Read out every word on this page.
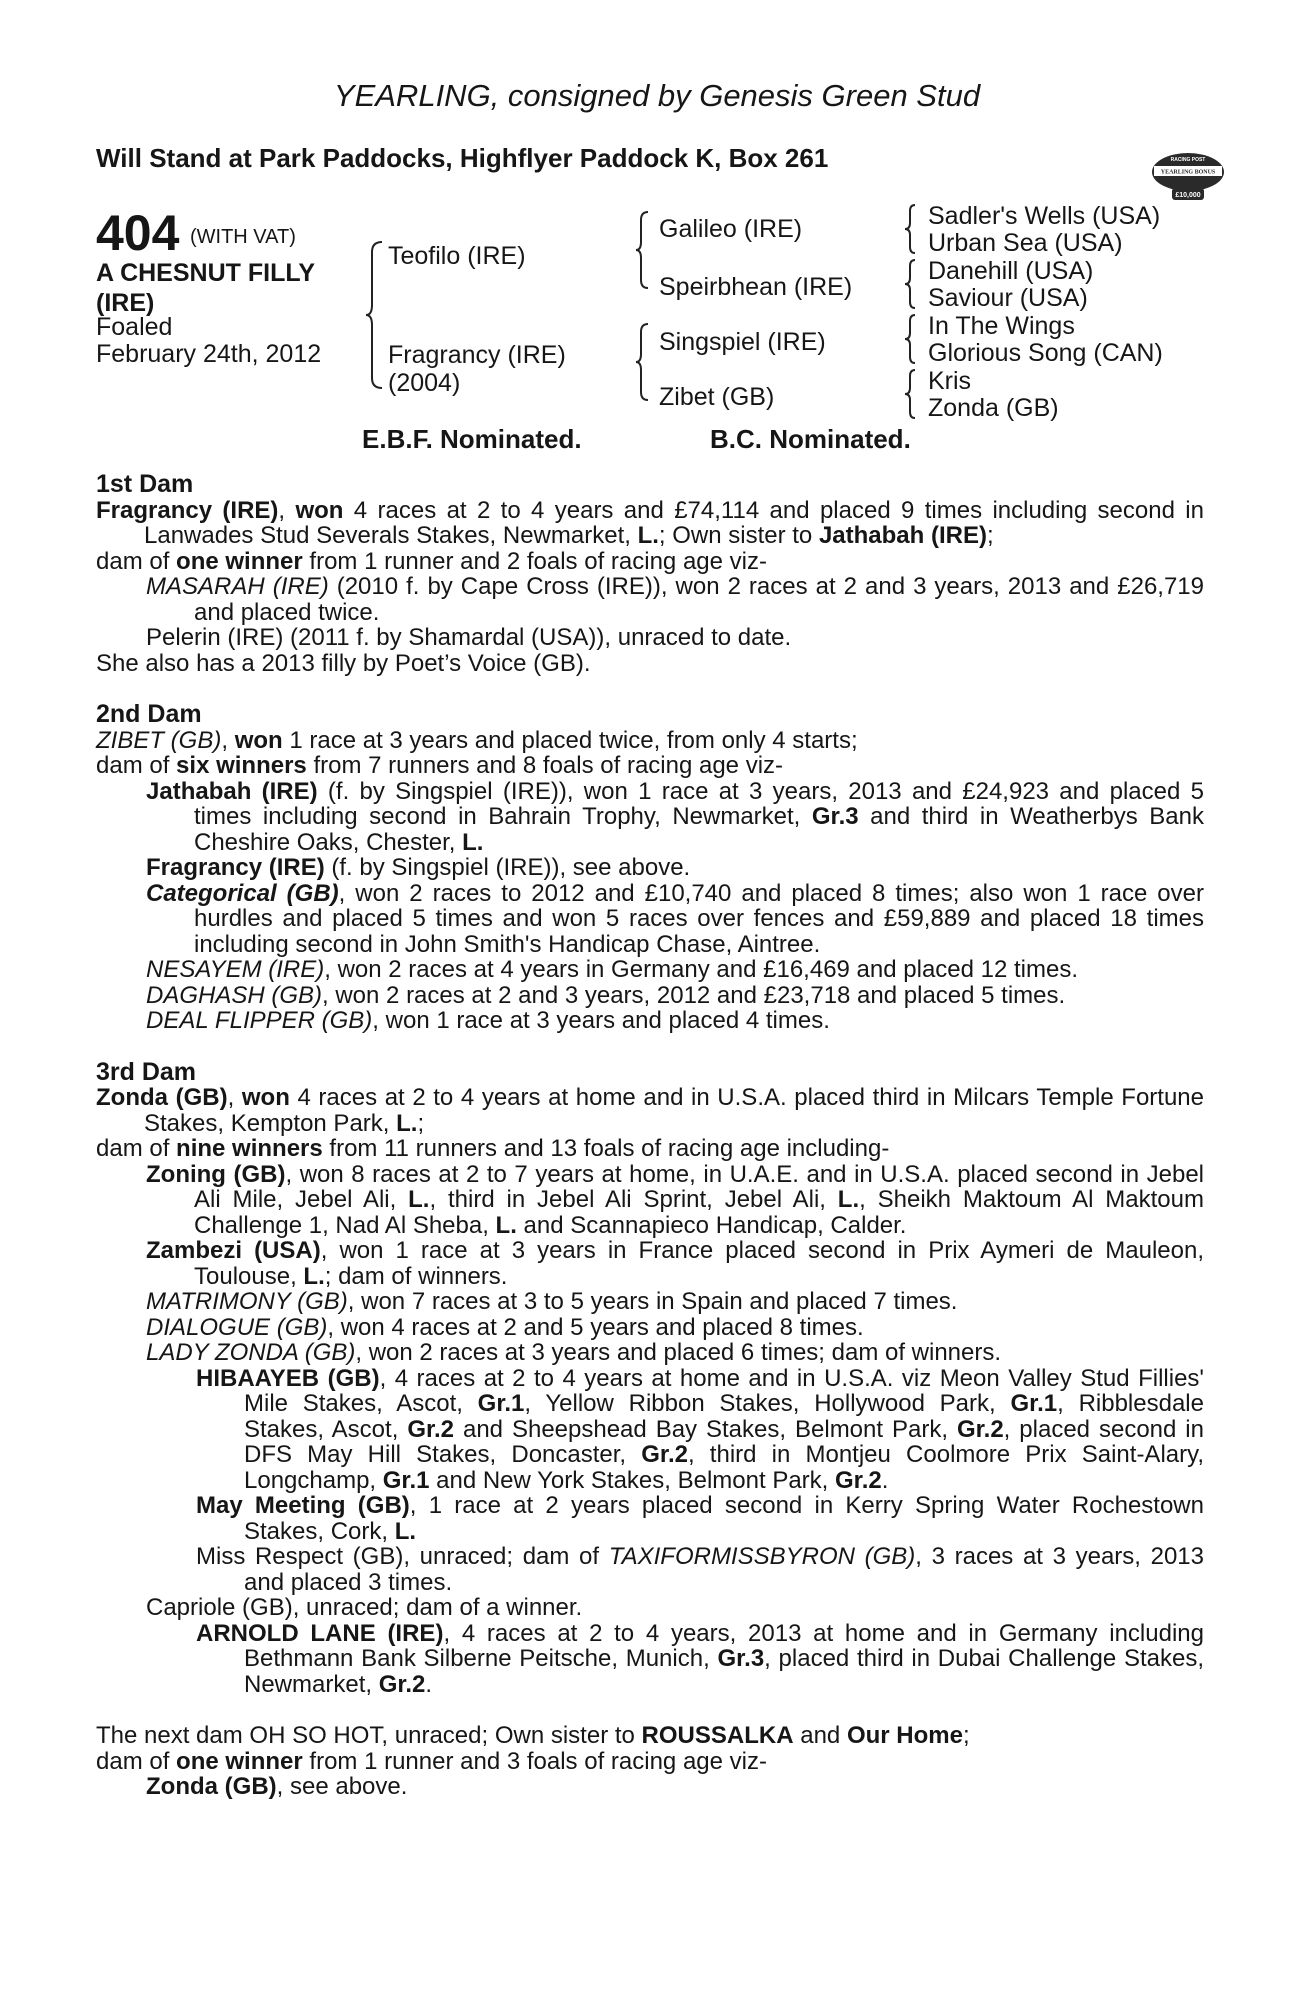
YEARLING, consigned by Genesis Green Stud
Will Stand at Park Paddocks, Highflyer Paddock K, Box 261	RACING POST
YEARLING BONUS
£10,000
404 (WITH VAT)
A CHESNUT FILLY (IRE)
Foaled
February 24th, 2012
Teofilo (IRE)
Fragrancy (IRE)
(2004)
Galileo (IRE)
Speirbhean (IRE)
Singspiel (IRE)
Zibet (GB)
Sadler's Wells (USA)
Urban Sea (USA)
Danehill (USA)
Saviour (USA)
In The Wings
Glorious Song (CAN)
Kris
Zonda (GB)
E.B.F. Nominated.	B.C. Nominated.
1st Dam

Fragrancy (IRE), won 4 races at 2 to 4 years and £74,114 and placed 9 times including second in Lanwades Stud Severals Stakes, Newmarket, L.; Own sister to Jathabah (IRE);

dam of one winner from 1 runner and 2 foals of racing age viz-

MASARAH (IRE) (2010 f. by Cape Cross (IRE)), won 2 races at 2 and 3 years, 2013 and £26,719 and placed twice.

Pelerin (IRE) (2011 f. by Shamardal (USA)), unraced to date.

She also has a 2013 filly by Poet’s Voice (GB).

2nd Dam

ZIBET (GB), won 1 race at 3 years and placed twice, from only 4 starts;

dam of six winners from 7 runners and 8 foals of racing age viz-

Jathabah (IRE) (f. by Singspiel (IRE)), won 1 race at 3 years, 2013 and £24,923 and placed 5 times including second in Bahrain Trophy, Newmarket, Gr.3 and third in Weatherbys Bank Cheshire Oaks, Chester, L.

Fragrancy (IRE) (f. by Singspiel (IRE)), see above.

Categorical (GB), won 2 races to 2012 and £10,740 and placed 8 times; also won 1 race over hurdles and placed 5 times and won 5 races over fences and £59,889 and placed 18 times including second in John Smith's Handicap Chase, Aintree.

NESAYEM (IRE), won 2 races at 4 years in Germany and £16,469 and placed 12 times.

DAGHASH (GB), won 2 races at 2 and 3 years, 2012 and £23,718 and placed 5 times.

DEAL FLIPPER (GB), won 1 race at 3 years and placed 4 times.

3rd Dam

Zonda (GB), won 4 races at 2 to 4 years at home and in U.S.A. placed third in Milcars Temple Fortune Stakes, Kempton Park, L.;

dam of nine winners from 11 runners and 13 foals of racing age including-

Zoning (GB), won 8 races at 2 to 7 years at home, in U.A.E. and in U.S.A. placed second in Jebel Ali Mile, Jebel Ali, L., third in Jebel Ali Sprint, Jebel Ali, L., Sheikh Maktoum Al Maktoum Challenge 1, Nad Al Sheba, L. and Scannapieco Handicap, Calder.

Zambezi (USA), won 1 race at 3 years in France placed second in Prix Aymeri de Mauleon, Toulouse, L.; dam of winners.

MATRIMONY (GB), won 7 races at 3 to 5 years in Spain and placed 7 times.

DIALOGUE (GB), won 4 races at 2 and 5 years and placed 8 times.

LADY ZONDA (GB), won 2 races at 3 years and placed 6 times; dam of winners.

HIBAAYEB (GB), 4 races at 2 to 4 years at home and in U.S.A. viz Meon Valley Stud Fillies' Mile Stakes, Ascot, Gr.1, Yellow Ribbon Stakes, Hollywood Park, Gr.1, Ribblesdale Stakes, Ascot, Gr.2 and Sheepshead Bay Stakes, Belmont Park, Gr.2, placed second in DFS May Hill Stakes, Doncaster, Gr.2, third in Montjeu Coolmore Prix Saint-Alary, Longchamp, Gr.1 and New York Stakes, Belmont Park, Gr.2.

May Meeting (GB), 1 race at 2 years placed second in Kerry Spring Water Rochestown Stakes, Cork, L.

Miss Respect (GB), unraced; dam of TAXIFORMISSBYRON (GB), 3 races at 3 years, 2013 and placed 3 times.

Capriole (GB), unraced; dam of a winner.

ARNOLD LANE (IRE), 4 races at 2 to 4 years, 2013 at home and in Germany including Bethmann Bank Silberne Peitsche, Munich, Gr.3, placed third in Dubai Challenge Stakes, Newmarket, Gr.2.

The next dam OH SO HOT, unraced; Own sister to ROUSSALKA and Our Home;

dam of one winner from 1 runner and 3 foals of racing age viz-

Zonda (GB), see above.
